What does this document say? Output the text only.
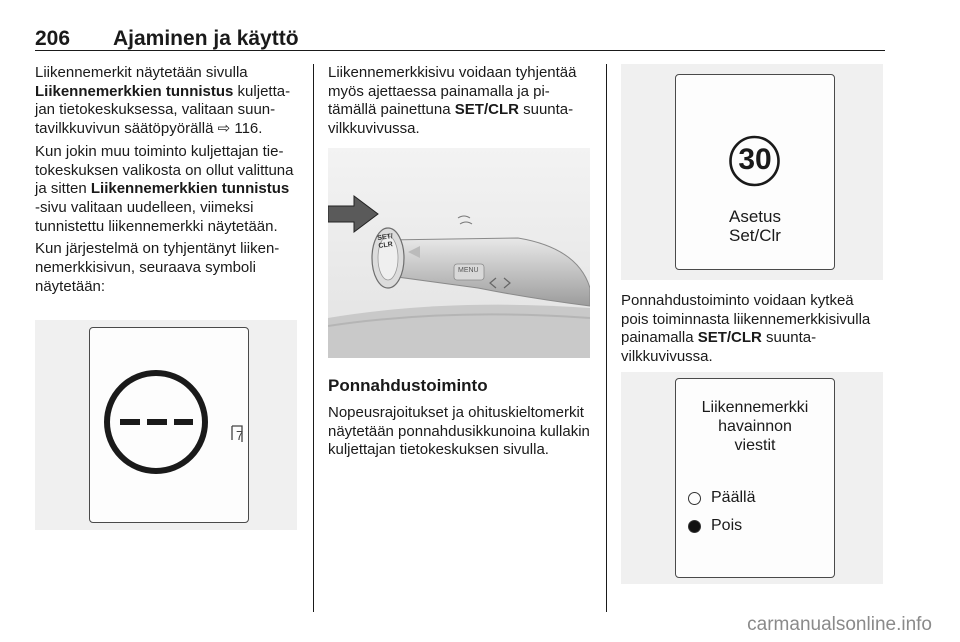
206 Ajaminen ja käyttö

Liikennemerkit näytetään sivulla Liikennemerkkien tunnistus kuljettajan tietokeskuksessa, valitaan suuntavilkkuvivun säätöpyörällä ⇨ 116.

Kun jokin muu toiminto kuljettajan tietokeskuksen valikosta on ollut valittuna ja sitten Liikennemerkkien tunnistus -sivu valitaan uudelleen, viimeksi tunnistettu liikennemerkki näytetään.

Kun järjestelmä on tyhjentänyt liikennemerkkisivun, seuraava symboli näytetään:

7

Liikennemerkkisivu voidaan tyhjentää myös ajettaessa painamalla ja pitämällä painettuna SET/CLR suuntavilkkuvivussa.

SET/
CLR
MENU
Ponnahdustoiminto
Nopeusrajoitukset ja ohituskieltomerkit näytetään ponnahdusikkunoina kullakin kuljettajan tietokeskuksen sivulla.
30
Asetus
Set/Clr

Ponnahdustoiminto voidaan kytkeä pois toiminnasta liikennemerkkisivulla painamalla SET/CLR suuntavilkkuvivussa.

Liikennemerkki
havainnon
viestit
Päällä
Pois
carmanualsonline.info
